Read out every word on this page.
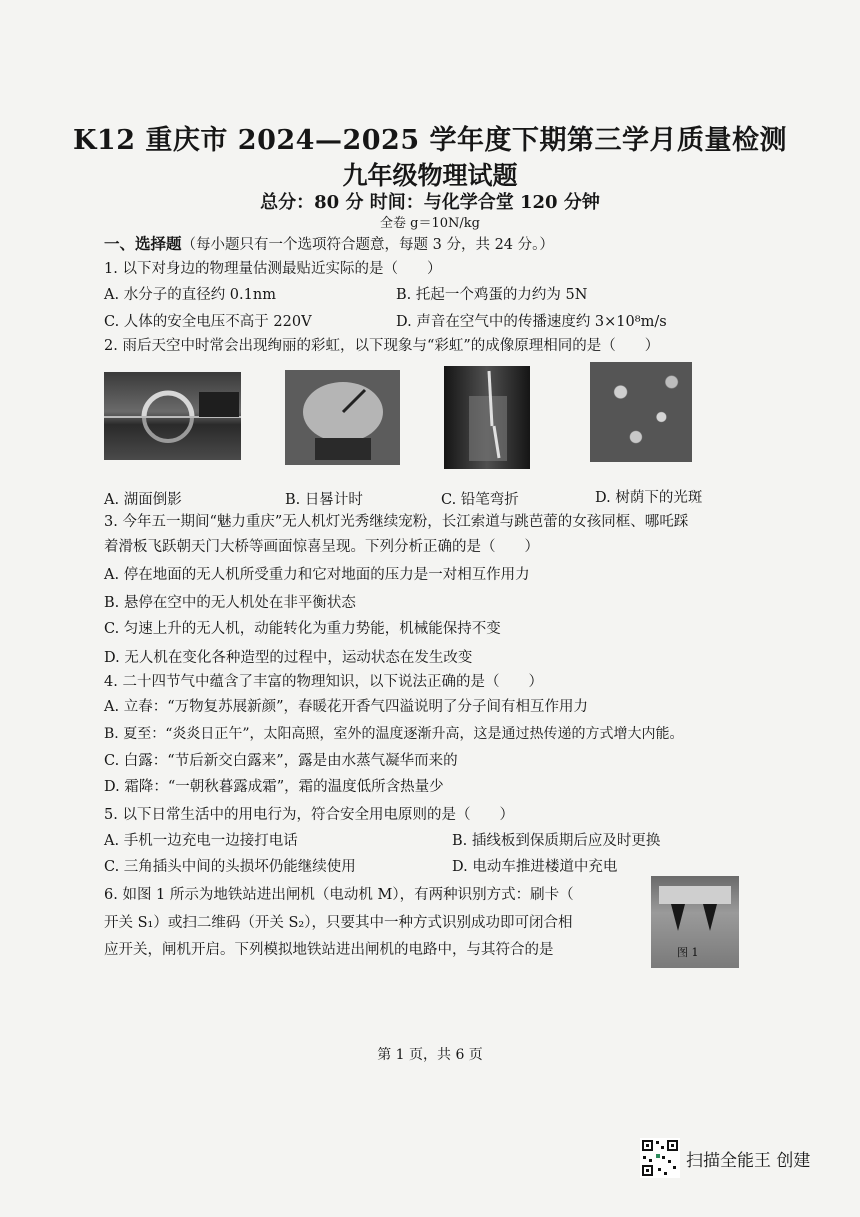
K12 重庆市 2024—2025 学年度下期第三学月质量检测
九年级物理试题
总分：80 分 时间：与化学合堂 120 分钟
全卷 g＝10N/kg
一、选择题（每小题只有一个选项符合题意，每题 3 分，共 24 分。）
1. 以下对身边的物理量估测最贴近实际的是（　　）
A. 水分子的直径约 0.1nm	B. 托起一个鸡蛋的力约为 5N
C. 人体的安全电压不高于 220V	D. 声音在空气中的传播速度约 3×10⁸m/s
2. 雨后天空中时常会出现绚丽的彩虹，以下现象与“彩虹”的成像原理相同的是（　　）
A. 湖面倒影	B. 日晷计时	C. 铅笔弯折	D. 树荫下的光斑
3. 今年五一期间“魅力重庆”无人机灯光秀继续宠粉，长江索道与跳芭蕾的女孩同框、哪吒踩
着滑板飞跃朝天门大桥等画面惊喜呈现。下列分析正确的是（　　）
A. 停在地面的无人机所受重力和它对地面的压力是一对相互作用力
B. 悬停在空中的无人机处在非平衡状态
C. 匀速上升的无人机，动能转化为重力势能，机械能保持不变
D. 无人机在变化各种造型的过程中，运动状态在发生改变
4. 二十四节气中蕴含了丰富的物理知识，以下说法正确的是（　　）
A. 立春：“万物复苏展新颜”，春暖花开香气四溢说明了分子间有相互作用力
B. 夏至：“炎炎日正午”，太阳高照，室外的温度逐渐升高，这是通过热传递的方式增大内能。
C. 白露：“节后新交白露来”，露是由水蒸气凝华而来的
D. 霜降：“一朝秋暮露成霜”，霜的温度低所含热量少
5. 以下日常生活中的用电行为，符合安全用电原则的是（　　）
A. 手机一边充电一边接打电话	B. 插线板到保质期后应及时更换
C. 三角插头中间的头损坏仍能继续使用	D. 电动车推进楼道中充电
6. 如图 1 所示为地铁站进出闸机（电动机 M），有两种识别方式：刷卡（
开关 S₁）或扫二维码（开关 S₂），只要其中一种方式识别成功即可闭合相
应开关，闸机开启。下列模拟地铁站进出闸机的电路中，与其符合的是	图 1
第 1 页，共 6 页
扫描全能王 创建
